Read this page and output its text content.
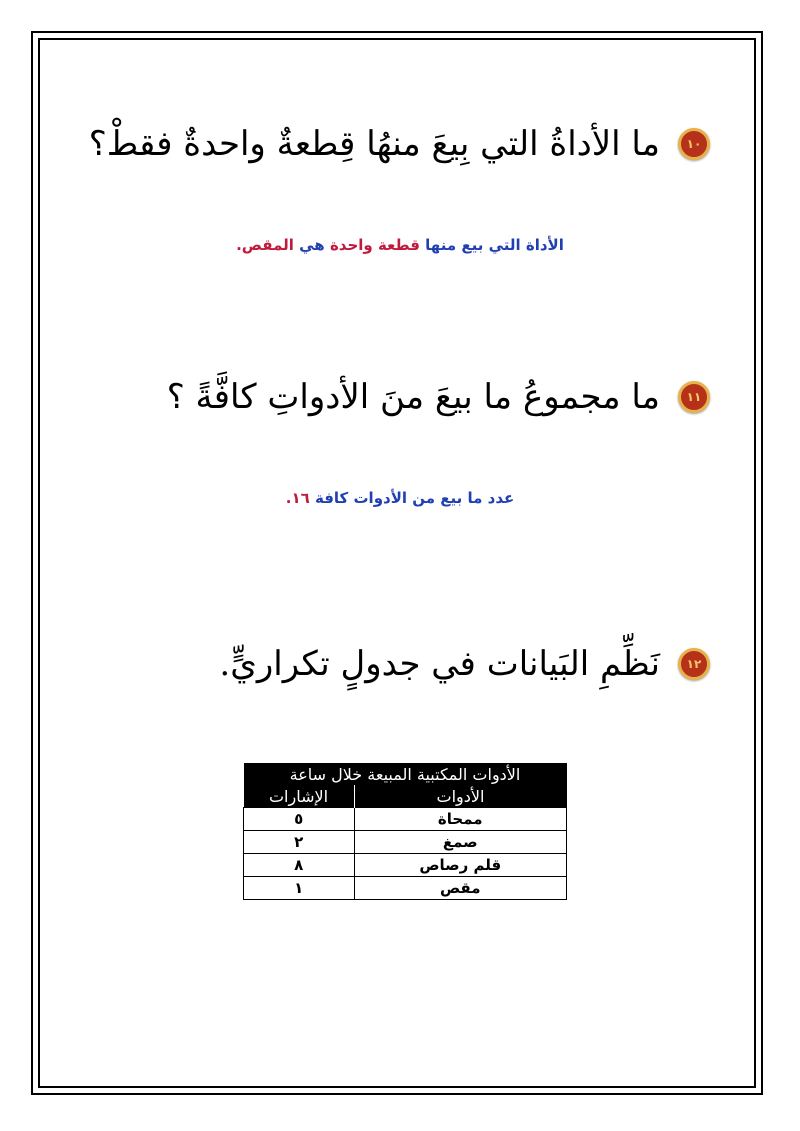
١٠
ما الأداةُ التي بِيعَ منهُا قِطعةٌ واحدةٌ فقطْ؟
الأداة التي بيع منها قطعة واحدة هي المقص.
١١
ما مجموعُ ما بيعَ منَ الأدواتِ كافَّةً ؟
عدد ما بيع من الأدوات كافة ١٦.
١٢
نَظِّمِ البَيانات في جدولٍ تكراريٍّ.
الأدوات المكتبية المبيعة خلال ساعة	
الأدوات	الإشارات
ممحاة	٥
صمغ	٢
قلم رصاص	٨
مقص	١
